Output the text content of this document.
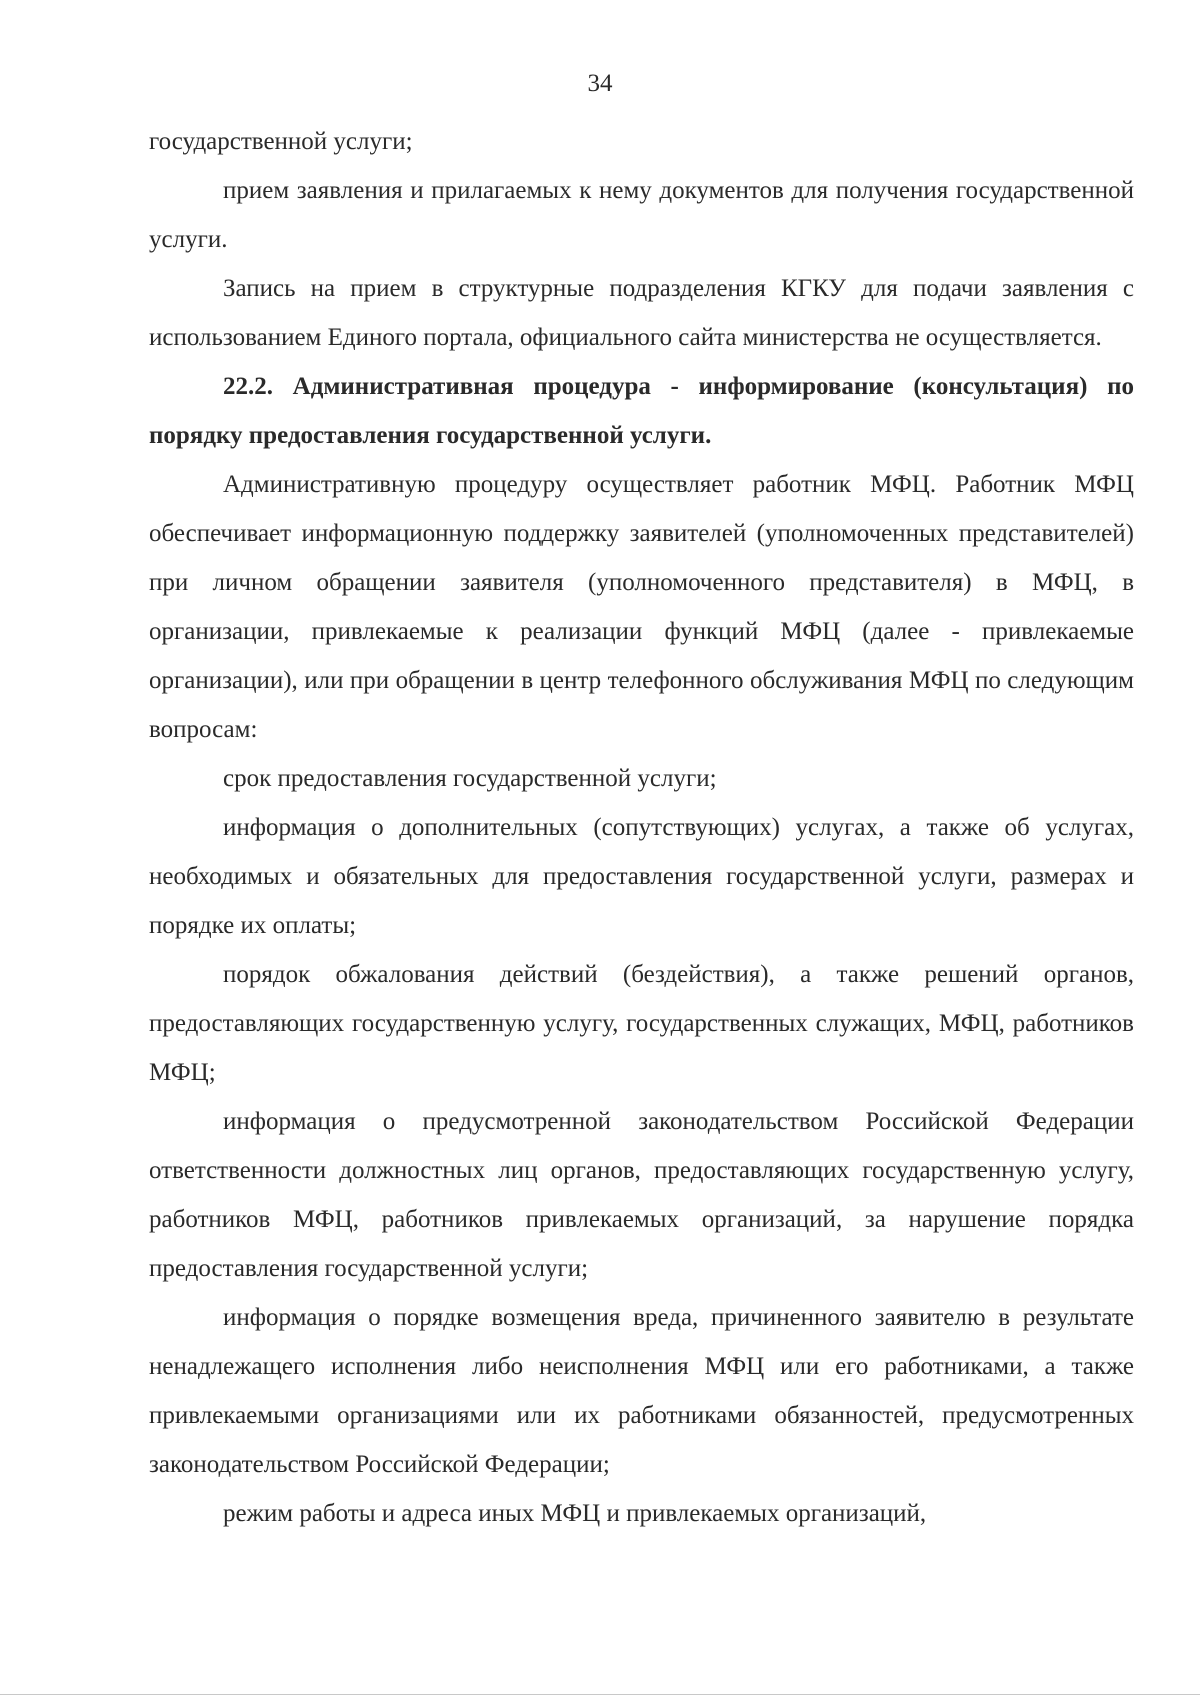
34

государственной услуги;

прием заявления и прилагаемых к нему документов для получения государственной услуги.

Запись на прием в структурные подразделения КГКУ для подачи заявления с использованием Единого портала, официального сайта министерства не осуществляется.

22.2. Административная процедура - информирование (консультация) по порядку предоставления государственной услуги.

Административную процедуру осуществляет работник МФЦ. Работник МФЦ обеспечивает информационную поддержку заявителей (уполномоченных представителей) при личном обращении заявителя (уполномоченного представителя) в МФЦ, в организации, привлекаемые к реализации функций МФЦ (далее - привлекаемые организации), или при обращении в центр телефонного обслуживания МФЦ по следующим вопросам:

срок предоставления государственной услуги;

информация о дополнительных (сопутствующих) услугах, а также об услугах, необходимых и обязательных для предоставления государственной услуги, размерах и порядке их оплаты;

порядок обжалования действий (бездействия), а также решений органов, предоставляющих государственную услугу, государственных служащих, МФЦ, работников МФЦ;

информация о предусмотренной законодательством Российской Федерации ответственности должностных лиц органов, предоставляющих государственную услугу, работников МФЦ, работников привлекаемых организаций, за нарушение порядка предоставления государственной услуги;

информация о порядке возмещения вреда, причиненного заявителю в результате ненадлежащего исполнения либо неисполнения МФЦ или его работниками, а также привлекаемыми организациями или их работниками обязанностей, предусмотренных законодательством Российской Федерации;

режим работы и адреса иных МФЦ и привлекаемых организаций,
